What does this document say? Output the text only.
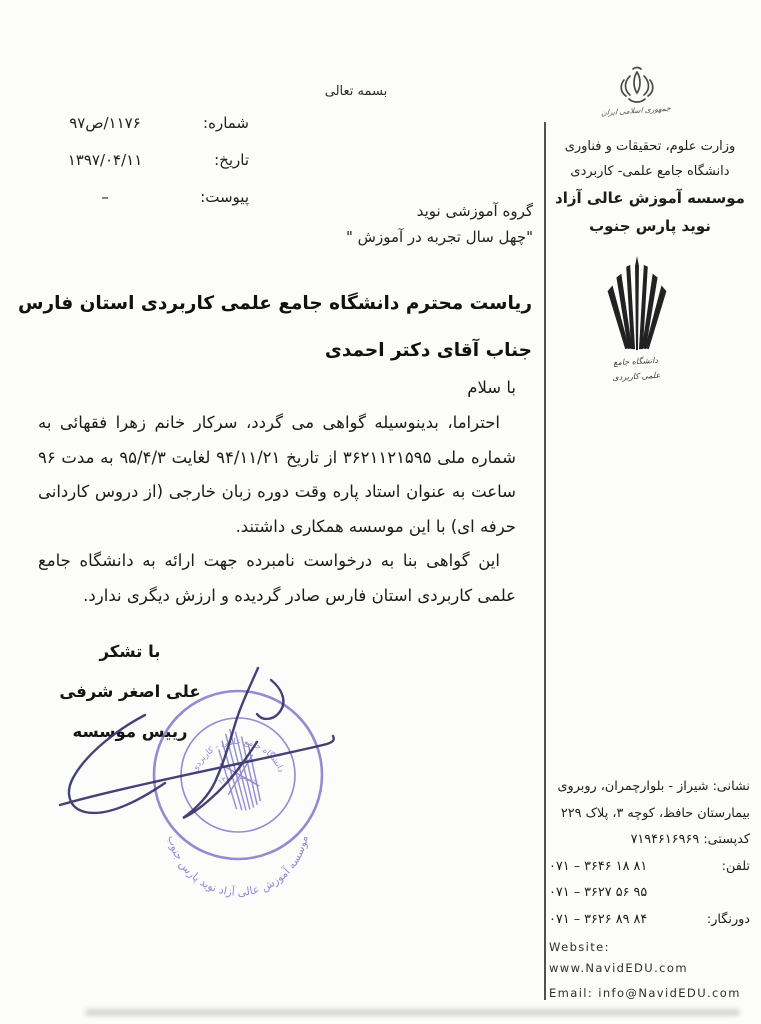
بسمه تعالی
شماره:
۱۱۷۶/ص۹۷
تاریخ:
۱۳۹۷/۰۴/۱۱
پیوست:
–
گروه آموزشی نوید
"چهل سال تجربه در آموزش "
ریاست محترم دانشگاه جامع علمی کاربردی استان فارس
جناب آقای دکتر احمدی
با سلام

احتراما، بدینوسیله گواهی می گردد، سرکار خانم زهرا فقهائی به شماره ملی ۳۶۲۱۱۲۱۵۹۵ از تاریخ ۹۴/۱۱/۲۱ لغایت ۹۵/۴/۳ به مدت ۹۶ ساعت به عنوان استاد پاره وقت دوره زبان خارجی (از دروس کاردانی حرفه ای) با این موسسه همکاری داشتند.

این گواهی بنا به درخواست نامبرده جهت ارائه به دانشگاه جامع علمی کاربردی استان فارس صادر گردیده و ارزش دیگری ندارد.

با تشکر
علی اصغر شرفی
رییس موسسه
موسسه آموزش عالی آزاد نوید پارس جنوب
دانشگاه جامع علمی - کاربردی
تاسیس ۱۳۸۴
جمهوری اسلامی ایران
وزارت علوم، تحقیقات و فناوری
دانشگاه جامع علمی- کاربردی
موسسه آموزش عالی آزاد
نوید پارس جنوب
دانشگاه جامع
علمی کاربردی
نشانی: شیراز - بلوارچمران، روبروی
بیمارستان حافظ، کوچه ۳، پلاک ۲۲۹
کدپستی: ۷۱۹۴۶۱۶۹۶۹
تلفن:
۰۷۱ – ۳۶۴۶ ۱۸ ۸۱
۰۷۱ – ۳۶۲۷ ۵۶ ۹۵
دورنگار:
۰۷۱ – ۳۶۲۶ ۸۹ ۸۴
Website: www.NavidEDU.com
Email: info@NavidEDU.com
